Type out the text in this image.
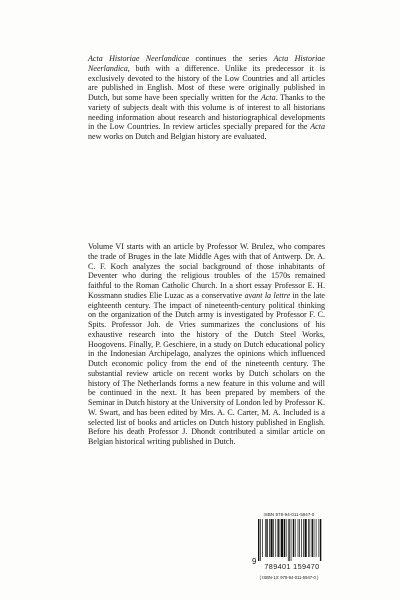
Acta Historiae Neerlandicae continues the series Acta Historiae Neerlandica, buth with a difference. Unlike its predecessor it is exclusively devoted to the history of the Low Countries and all articles are published in English. Most of these were originally published in Dutch, but some have been specially written for the Acta. Thanks to the variety of subjects dealt with this volume is of interest to all historians needing information about research and historiographical developments in the Low Countries. In review articles specially prepared for the Acta new works on Dutch and Belgian history are evaluated.

Volume VI starts with an article by Professor W. Brulez, who compares the trade of Bruges in the late Middle Ages with that of Antwerp. Dr. A. C. F. Koch analyzes the social background of those inhabitants of Deventer who during the religious troubles of the 1570s remained faithful to the Roman Catholic Church. In a short essay Professor E. H. Kossmann studies Elie Luzac as a conservative avant la lettre in the late eighteenth century. The impact of nineteenth-century political thinking on the organization of the Dutch army is investigated by Professor F. C. Spits. Professor Joh. de Vries summarizes the conclusions of his exhaustive research into the history of the Dutch Steel Works, Hoogovens. Finally, P. Geschiere, in a study on Dutch educational policy in the Indonesian Archipelago, analyzes the opinions which influenced Dutch economic policy from the end of the nineteenth century. The substantial review article on recent works by Dutch scholars on the history of The Netherlands forms a new feature in this volume and will be continued in the next. It has been prepared by members of the Seminar in Dutch history at the University of London led by Professor K. W. Swart, and has been edited by Mrs. A. C. Carter, M. A. Included is a selected list of books and articles on Dutch history published in English. Before his death Professor J. Dhondt contributed a similar article on Belgian historical writing published in Dutch.

ISBN 978-94-011-5947-0
9
789401 159470
( ISBN-13: 978-94-011-5947-0 )
